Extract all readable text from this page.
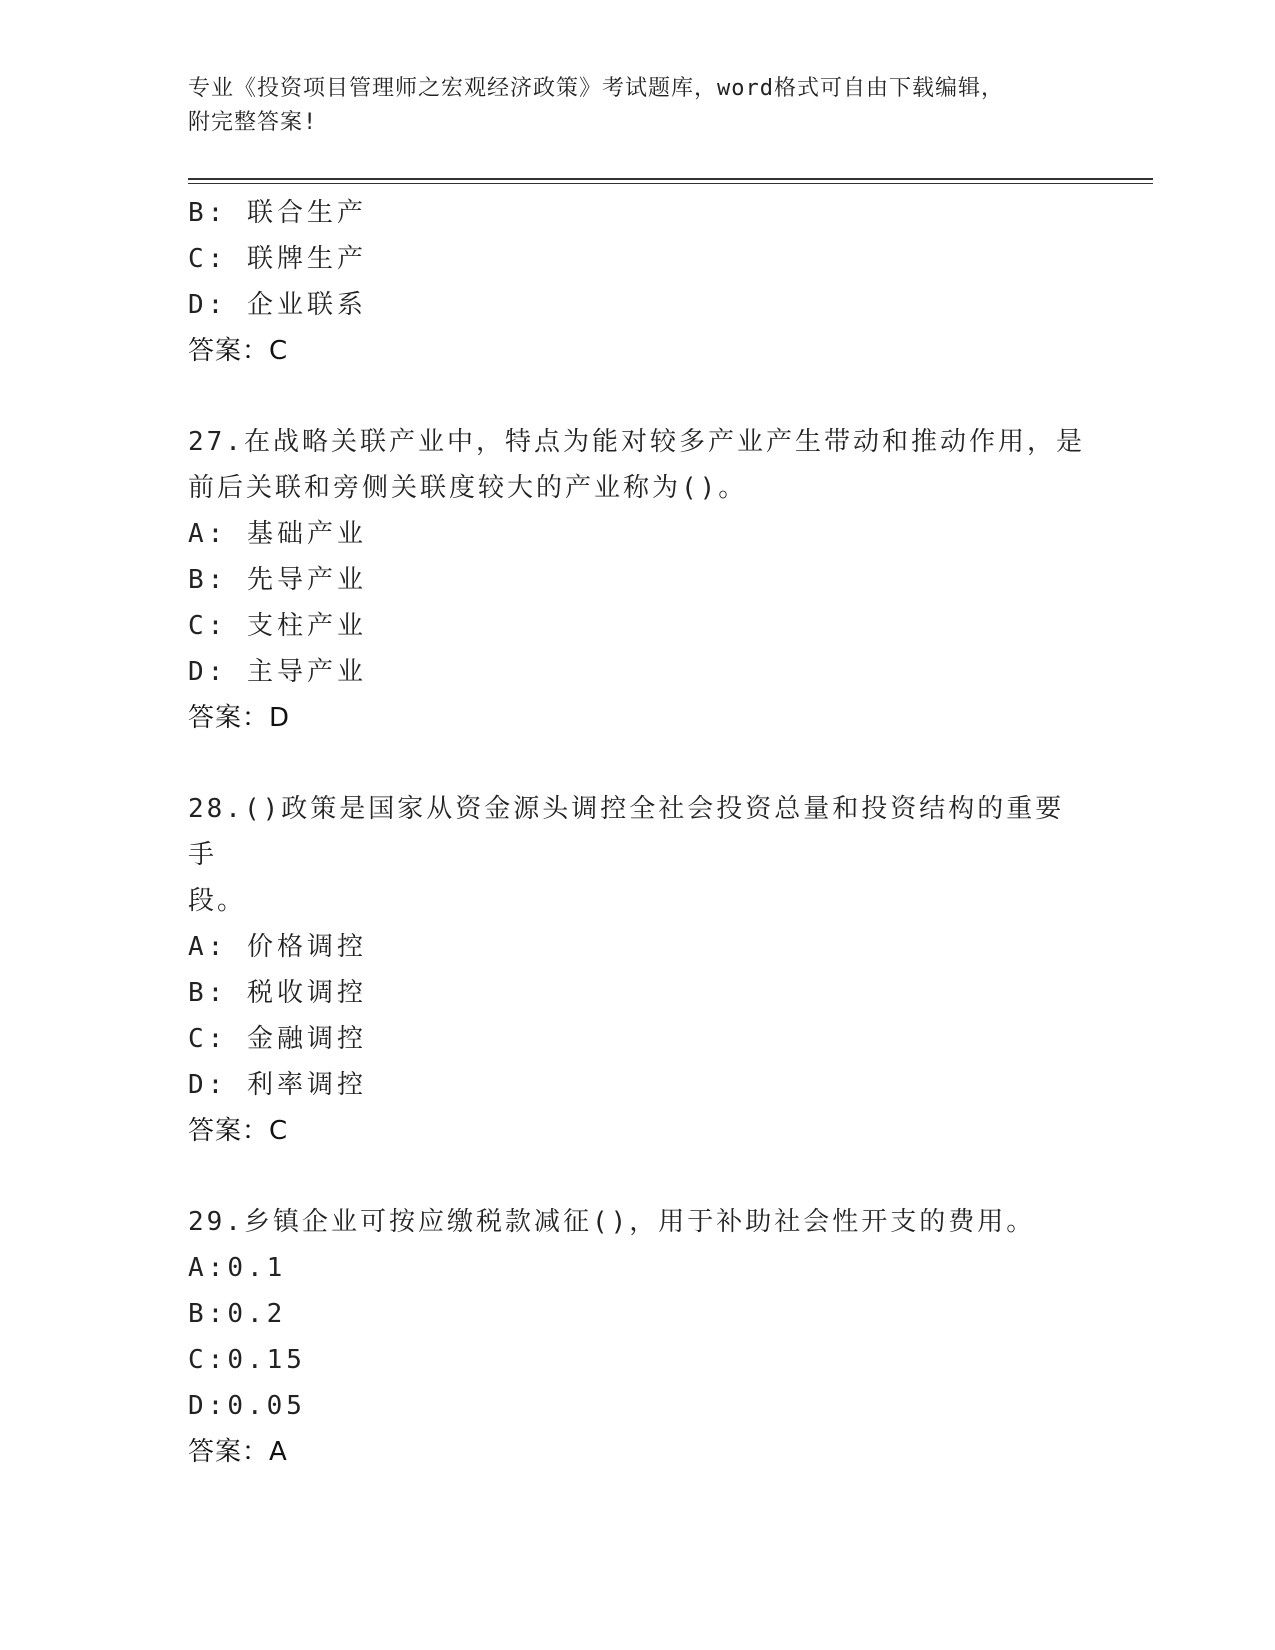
专业《投资项目管理师之宏观经济政策》考试题库，word格式可自由下载编辑，
附完整答案!
B: 联合生产
C: 联牌生产
D: 企业联系
答案：C
27.在战略关联产业中，特点为能对较多产业产生带动和推动作用，是
前后关联和旁侧关联度较大的产业称为()。
A: 基础产业
B: 先导产业
C: 支柱产业
D: 主导产业
答案：D
28.()政策是国家从资金源头调控全社会投资总量和投资结构的重要手
段。
A: 价格调控
B: 税收调控
C: 金融调控
D: 利率调控
答案：C
29.乡镇企业可按应缴税款减征()，用于补助社会性开支的费用。
A:0.1
B:0.2
C:0.15
D:0.05
答案：A
